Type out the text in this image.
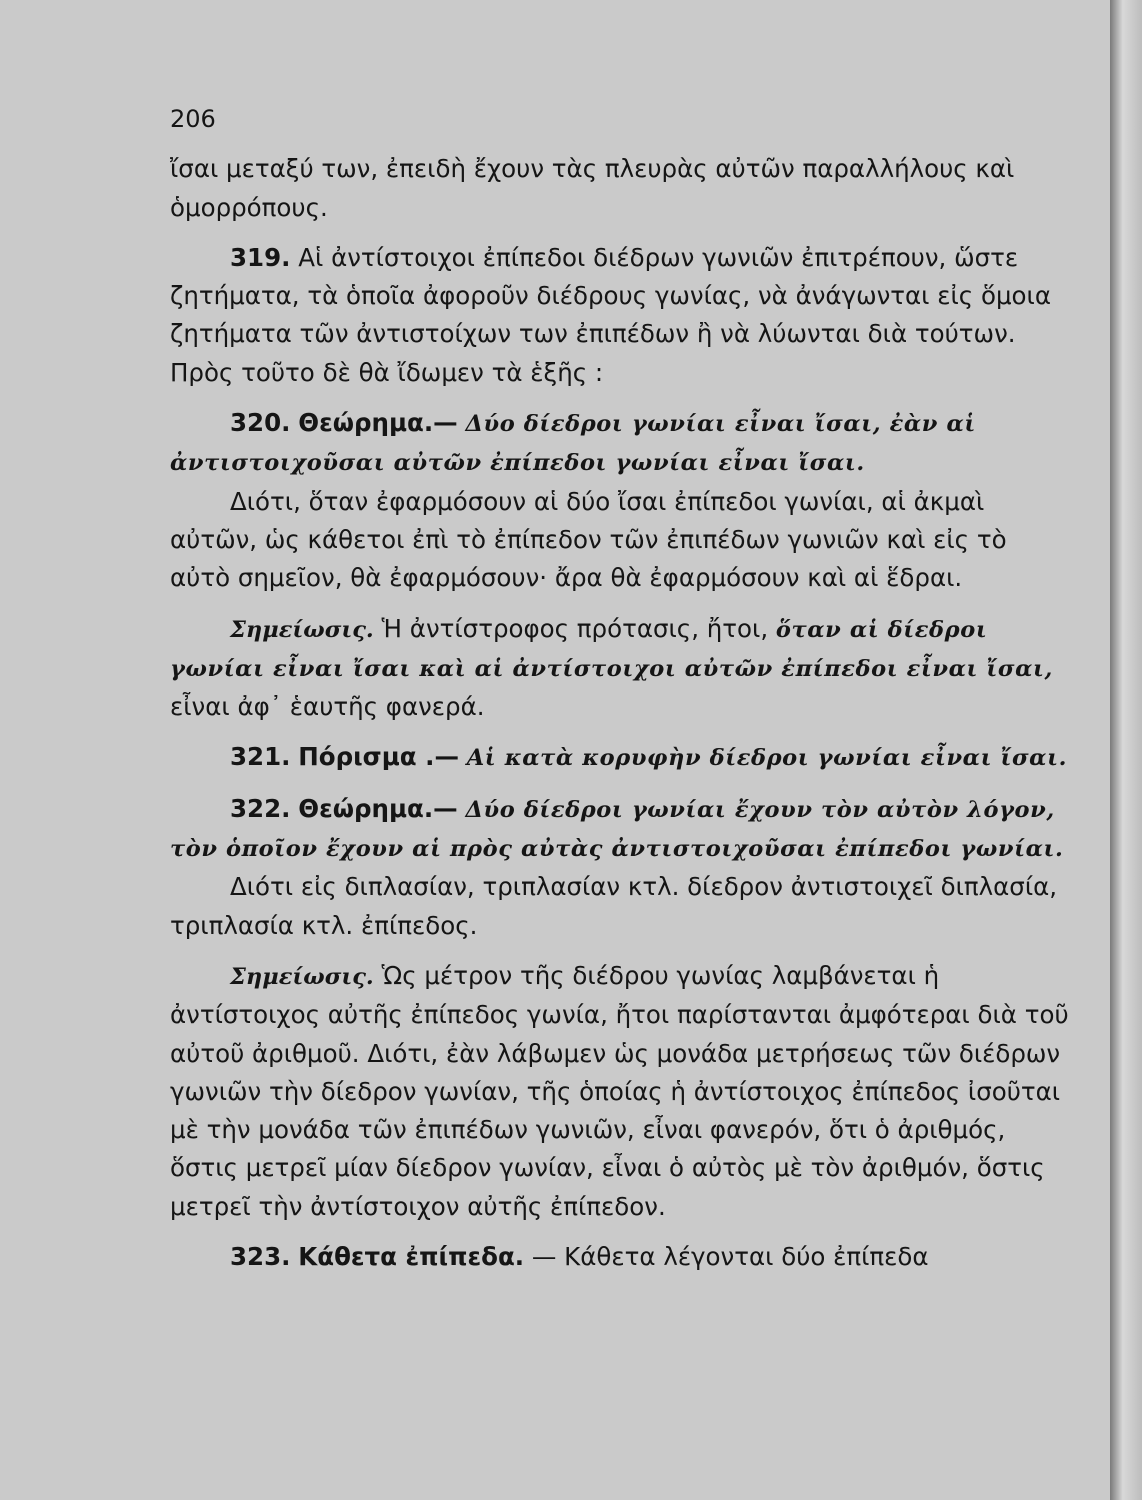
206

ἴσαι μεταξύ των, ἐπειδὴ ἔχουν τὰς πλευρὰς αὐτῶν παραλλήλους καὶ ὁμορρόπους.

319. Αἱ ἀντίστοιχοι ἐπίπεδοι διέδρων γωνιῶν ἐπιτρέπουν, ὥστε ζητήματα, τὰ ὁποῖα ἀφοροῦν διέδρους γωνίας, νὰ ἀνάγωνται εἰς ὅμοια ζητήματα τῶν ἀντιστοίχων των ἐπιπέδων ἢ νὰ λύωνται διὰ τούτων. Πρὸς τοῦτο δὲ θὰ ἴδωμεν τὰ ἑξῆς :

320. Θεώρημα.— Δύο δίεδροι γωνίαι εἶναι ἴσαι, ἐὰν αἱ ἀντιστοιχοῦσαι αὐτῶν ἐπίπεδοι γωνίαι εἶναι ἴσαι.

Διότι, ὅταν ἐφαρμόσουν αἱ δύο ἴσαι ἐπίπεδοι γωνίαι, αἱ ἀκμαὶ αὐτῶν, ὡς κάθετοι ἐπὶ τὸ ἐπίπεδον τῶν ἐπιπέδων γωνιῶν καὶ εἰς τὸ αὐτὸ σημεῖον, θὰ ἐφαρμόσουν· ἄρα θὰ ἐφαρμόσουν καὶ αἱ ἕδραι.

Σημείωσις. Ἡ ἀντίστροφος πρότασις, ἤτοι, ὅταν αἱ δίεδροι γωνίαι εἶναι ἴσαι καὶ αἱ ἀντίστοιχοι αὐτῶν ἐπίπεδοι εἶναι ἴσαι, εἶναι ἀφ᾽ ἑαυτῆς φανερά.

321. Πόρισμα .— Αἱ κατὰ κορυφὴν δίεδροι γωνίαι εἶναι ἴσαι.

322. Θεώρημα.— Δύο δίεδροι γωνίαι ἔχουν τὸν αὐτὸν λόγον, τὸν ὁποῖον ἔχουν αἱ πρὸς αὐτὰς ἀντιστοιχοῦσαι ἐπίπεδοι γωνίαι.

Διότι εἰς διπλασίαν, τριπλασίαν κτλ. δίεδρον ἀντιστοιχεῖ διπλασία, τριπλασία κτλ. ἐπίπεδος.

Σημείωσις. Ὡς μέτρον τῆς διέδρου γωνίας λαμβάνεται ἡ ἀντίστοιχος αὐτῆς ἐπίπεδος γωνία, ἤτοι παρίστανται ἀμφότεραι διὰ τοῦ αὐτοῦ ἀριθμοῦ. Διότι, ἐὰν λάβωμεν ὡς μονάδα μετρήσεως τῶν διέδρων γωνιῶν τὴν δίεδρον γωνίαν, τῆς ὁποίας ἡ ἀντίστοιχος ἐπίπεδος ἰσοῦται μὲ τὴν μονάδα τῶν ἐπιπέδων γωνιῶν, εἶναι φανερόν, ὅτι ὁ ἀριθμός, ὅστις μετρεῖ μίαν δίεδρον γωνίαν, εἶναι ὁ αὐτὸς μὲ τὸν ἀριθμόν, ὅστις μετρεῖ τὴν ἀντίστοιχον αὐτῆς ἐπίπεδον.

323. Κάθετα ἐπίπεδα. — Κάθετα λέγονται δύο ἐπίπεδα
